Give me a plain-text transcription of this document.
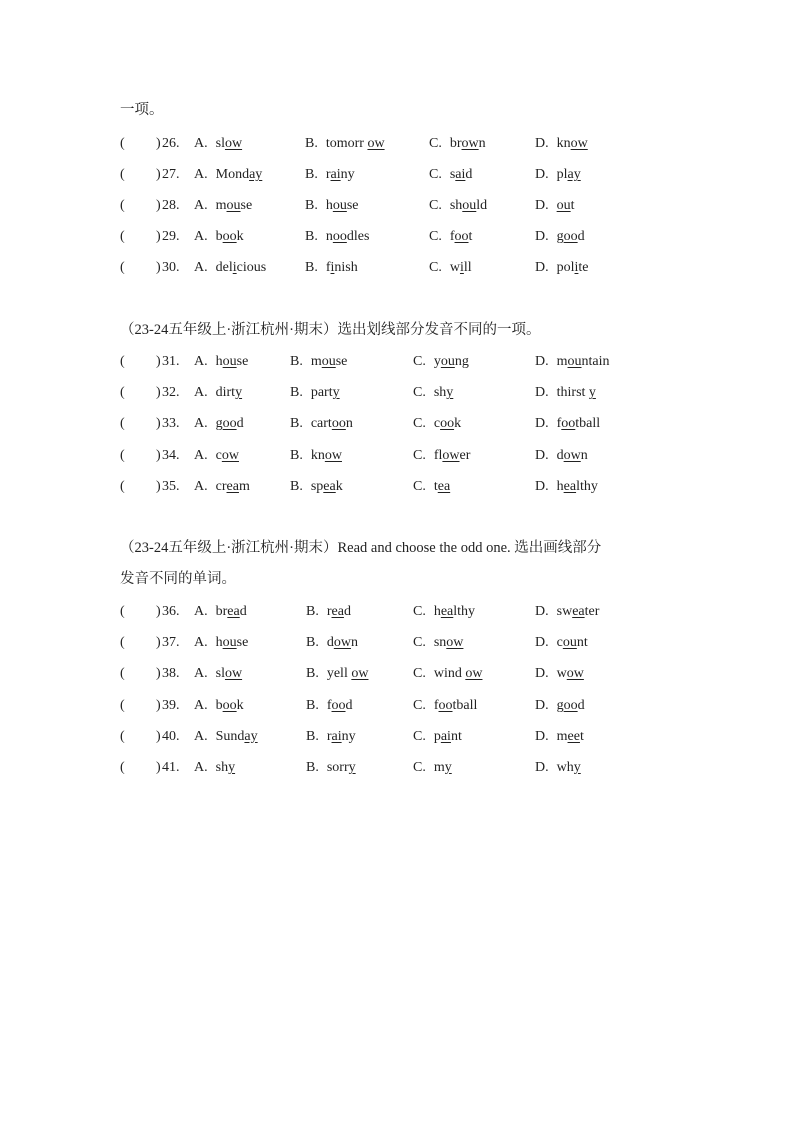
一项。
( ) 26. A. slow	B. tomorr ow	C. brown	D. know
( ) 27. A. Monday	B. rainy	C. said	D. play
( ) 28. A. mouse	B. house	C. should	D. out
( ) 29. A. book	B. noodles	C. foot	D. good
( ) 30. A. delicious	B. finish	C. will	D. polite
（23-24五年级上·浙江杭州·期末）选出划线部分发音不同的一项。
( ) 31. A. house	B. mouse	C. young	D. mountain
( ) 32. A. dirty	B. party	C. shy	D. thirst y
( ) 33. A. good	B. cartoon	C. cook	D. football
( ) 34. A. cow	B. know	C. flower	D. down
( ) 35. A. cream	B. speak	C. tea	D. healthy
（23-24五年级上·浙江杭州·期末）Read and choose the odd one. 选出画线部分
发音不同的单词。
( ) 36. A. bread	B. read	C. healthy	D. sweater
( ) 37. A. house	B. down	C. snow	D. count
( ) 38. A. slow	B. yell ow	C. wind ow	D. wow
( ) 39. A. book	B. food	C. football	D. good
( ) 40. A. Sunday	B. rainy	C. paint	D. meet
( ) 41. A. shy	B. sorry	C. my	D. why
